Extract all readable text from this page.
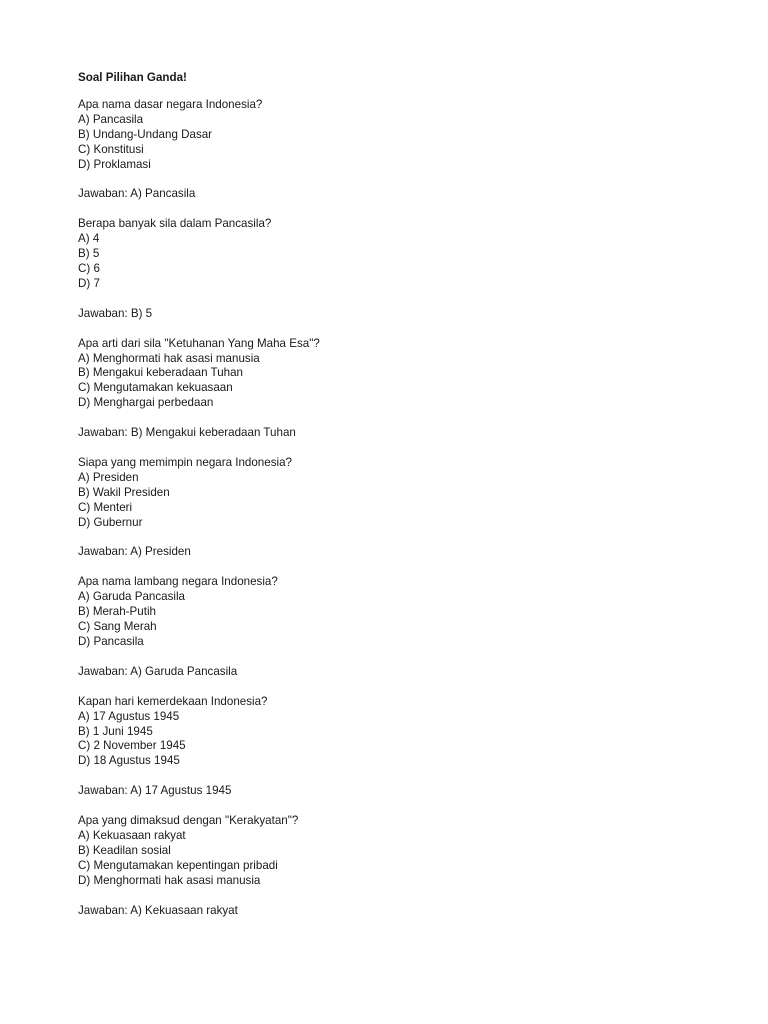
Soal Pilihan Ganda!
Apa nama dasar negara Indonesia?
A) Pancasila
B) Undang-Undang Dasar
C) Konstitusi
D) Proklamasi
Jawaban: A) Pancasila
Berapa banyak sila dalam Pancasila?
A) 4
B) 5
C) 6
D) 7
Jawaban: B) 5
Apa arti dari sila "Ketuhanan Yang Maha Esa"?
A) Menghormati hak asasi manusia
B) Mengakui keberadaan Tuhan
C) Mengutamakan kekuasaan
D) Menghargai perbedaan
Jawaban: B) Mengakui keberadaan Tuhan
Siapa yang memimpin negara Indonesia?
A) Presiden
B) Wakil Presiden
C) Menteri
D) Gubernur
Jawaban: A) Presiden
Apa nama lambang negara Indonesia?
A) Garuda Pancasila
B) Merah-Putih
C) Sang Merah
D) Pancasila
Jawaban: A) Garuda Pancasila
Kapan hari kemerdekaan Indonesia?
A) 17 Agustus 1945
B) 1 Juni 1945
C) 2 November 1945
D) 18 Agustus 1945
Jawaban: A) 17 Agustus 1945
Apa yang dimaksud dengan "Kerakyatan"?
A) Kekuasaan rakyat
B) Keadilan sosial
C) Mengutamakan kepentingan pribadi
D) Menghormati hak asasi manusia
Jawaban: A) Kekuasaan rakyat
